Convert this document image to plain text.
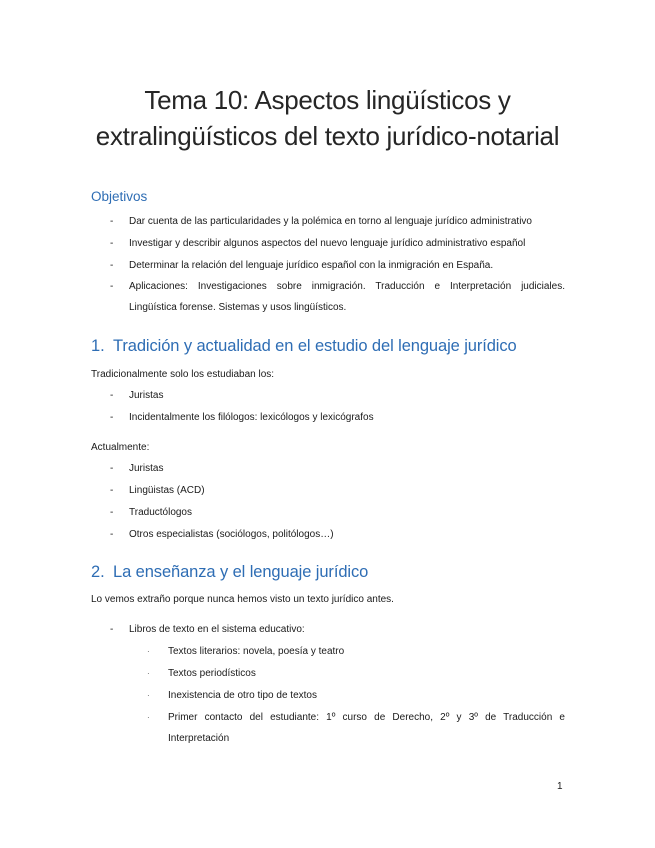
Tema 10: Aspectos lingüísticos y
extralingüísticos del texto jurídico-notarial
Objetivos
-	Dar cuenta de las particularidades y la polémica en torno al lenguaje jurídico administrativo
-	Investigar y describir algunos aspectos del nuevo lenguaje jurídico administrativo español
-	Determinar la relación del lenguaje jurídico español con la inmigración en España.
-	Aplicaciones: Investigaciones sobre inmigración. Traducción e Interpretación judiciales. Lingüística forense. Sistemas y usos lingüísticos.
1. Tradición y actualidad en el estudio del lenguaje jurídico
Tradicionalmente solo los estudiaban los:
-	Juristas
-	Incidentalmente los filólogos: lexicólogos y lexicógrafos
Actualmente:
-	Juristas
-	Lingüistas (ACD)
-	Traductólogos
-	Otros especialistas (sociólogos, politólogos…)
2. La enseñanza y el lenguaje jurídico
Lo vemos extraño porque nunca hemos visto un texto jurídico antes.
-	Libros de texto en el sistema educativo:
· Textos literarios: novela, poesía y teatro
· Textos periodísticos
· Inexistencia de otro tipo de textos
· Primer contacto del estudiante: 1º curso de Derecho, 2º y 3º de Traducción e Interpretación
1
